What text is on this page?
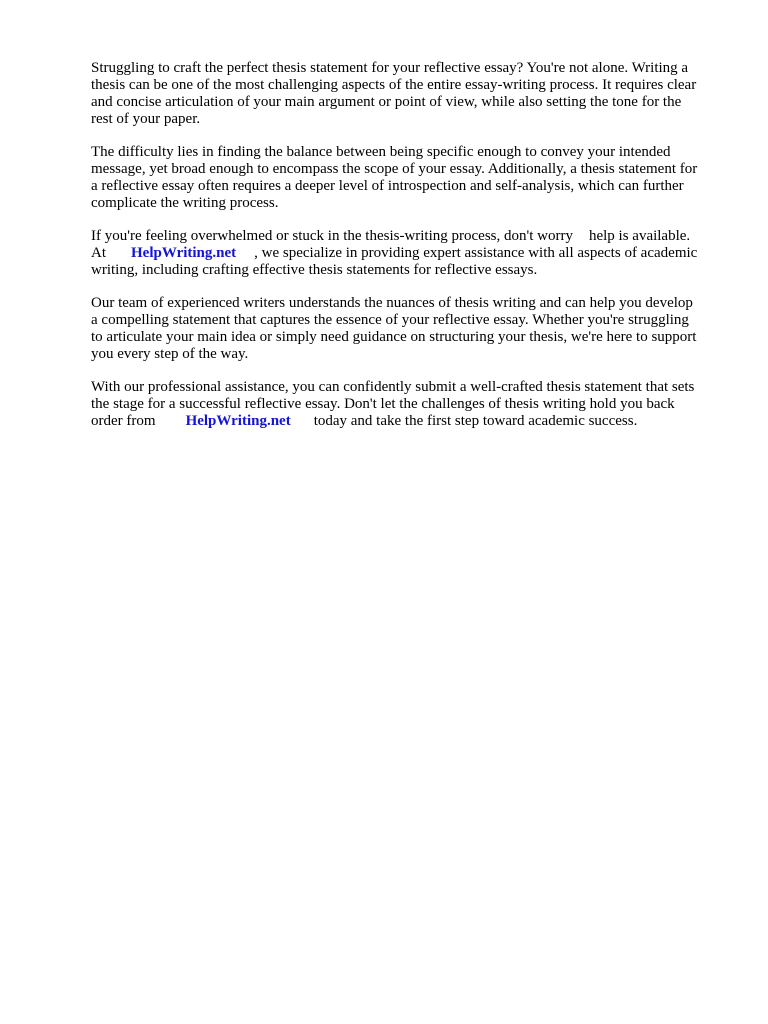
Struggling to craft the perfect thesis statement for your reflective essay? You're not alone. Writing a
thesis can be one of the most challenging aspects of the entire essay-writing process. It requires clear
and concise articulation of your main argument or point of view, while also setting the tone for the
rest of your paper.

The difficulty lies in finding the balance between being specific enough to convey your intended
message, yet broad enough to encompass the scope of your essay. Additionally, a thesis statement for
a reflective essay often requires a deeper level of introspection and self-analysis, which can further
complicate the writing process.

If you're feeling overwhelmed or stuck in the thesis-writing process, don't worry help is available.
At HelpWriting.net , we specialize in providing expert assistance with all aspects of academic
writing, including crafting effective thesis statements for reflective essays.

Our team of experienced writers understands the nuances of thesis writing and can help you develop
a compelling statement that captures the essence of your reflective essay. Whether you're struggling
to articulate your main idea or simply need guidance on structuring your thesis, we're here to support
you every step of the way.

With our professional assistance, you can confidently submit a well-crafted thesis statement that sets
the stage for a successful reflective essay. Don't let the challenges of thesis writing hold you back
order from HelpWriting.net today and take the first step toward academic success.
